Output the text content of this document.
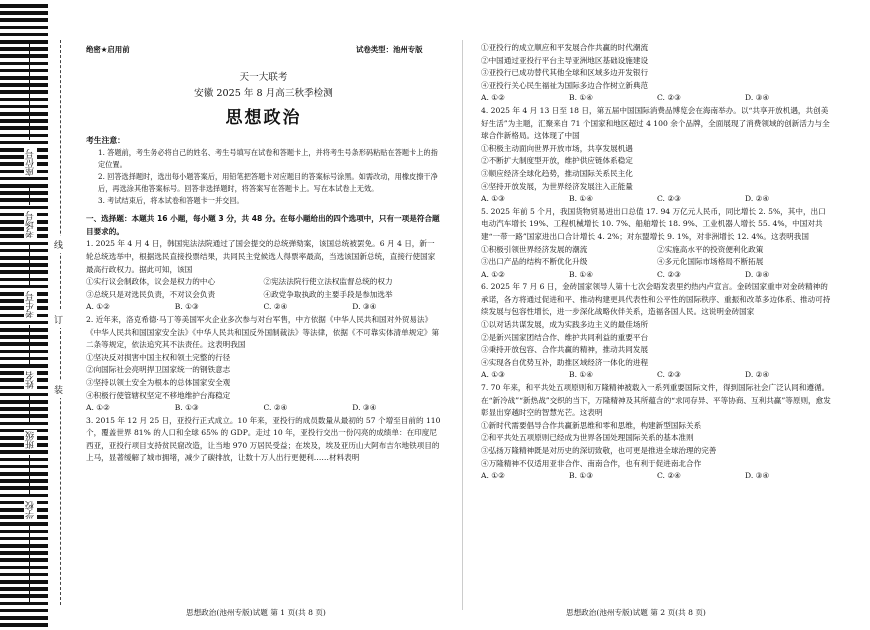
座位号
考场号
考生号
姓名
班级
学校
线
订
装
绝密★启用前	试卷类型：池州专版
天一大联考
安徽 2025 年 8 月高三秋季检测
思想政治
考生注意：
1. 答题前，考生务必将自己的姓名、考生号填写在试卷和答题卡上，并将考生号条形码粘贴在答题卡上的指定位置。
2. 回答选择题时，选出每小题答案后，用铅笔把答题卡对应题目的答案标号涂黑。如需改动，用橡皮擦干净后，再选涂其他答案标号。回答非选择题时，将答案写在答题卡上。写在本试卷上无效。
3. 考试结束后，将本试卷和答题卡一并交回。
一、选择题：本题共 16 小题，每小题 3 分，共 48 分。在每小题给出的四个选项中，只有一项是符合题目要求的。
1. 2025 年 4 月 4 日，韩国宪法法院通过了国会提交的总统弹劾案，该国总统被罢免。6 月 4 日，新一轮总统选举中，根据选民直接投票结果，共同民主党候选人得票率最高，当选该国新总统，直接行使国家最高行政权力。据此可知，该国
①实行议会制政体，议会是权力的中心	②宪法法院行使立法权监督总统的权力
③总统只是对选民负责，不对议会负责	④政党争取执政的主要手段是参加选举
A. ①②	B. ①③	C. ②④	D. ③④
2. 近年来，洛克希德·马丁等美国军火企业多次参与对台军售，中方依据《中华人民共和国对外贸易法》《中华人民共和国国家安全法》《中华人民共和国反外国制裁法》等法律，依据《不可靠实体清单规定》第二条等规定，依法追究其不法责任。这表明我国
①坚决反对损害中国主权和领土完整的行径
②向国际社会亮明捍卫国家统一的钢铁意志
③坚持以领土安全为根本的总体国家安全观
④积极行使管辖权坚定不移地维护台海稳定
A. ①②	B. ①③	C. ②④	D. ③④
3. 2015 年 12 月 25 日，亚投行正式成立。10 年来，亚投行的成员数量从最初的 57 个增至目前的 110 个，覆盖世界 81% 的人口和全球 65% 的 GDP。走过 10 年，亚投行交出一份闪亮的成绩单：在印度尼西亚，亚投行项目支持贫民窟改造，让当地 970 万居民受益；在埃及，埃及亚历山大阿布吉尔地铁项目的上马，显著缓解了城市拥堵，减少了碳排放，让数十万人出行更便利……材料表明
①亚投行的成立顺应和平发展合作共赢的时代潮流
②中国通过亚投行平台主导亚洲地区基础设施建设
③亚投行已成功替代其他全球和区域多边开发银行
④亚投行关心民生福祉为国际多边合作树立新典范
A. ①②	B. ①④	C. ②③	D. ③④
4. 2025 年 4 月 13 日至 18 日，第五届中国国际消费品博览会在海南举办。以“共享开放机遇，共创美好生活”为主题，汇聚来自 71 个国家和地区超过 4 100 余个品牌，全面展现了消费领域的创新活力与全球合作新格局。这体现了中国
①积极主动面向世界开放市场，共享发展机遇
②不断扩大制度型开放，维护供应链体系稳定
③顺应经济全球化趋势，推动国际关系民主化
④坚持开放发展，为世界经济发展注入正能量
A. ①③	B. ①④	C. ②③	D. ②④
5. 2025 年前 5 个月，我国货物贸易进出口总值 17. 94 万亿元人民币，同比增长 2. 5%，其中，出口电动汽车增长 19%、工程机械增长 10. 7%、船舶增长 18. 9%、工业机器人增长 55. 4%，中国对共建“一带一路”国家进出口合计增长 4. 2%；对东盟增长 9. 1%，对非洲增长 12. 4%。这表明我国
①积极引领世界经济发展的潮流	②实施高水平的投资便利化政策
③出口产品的结构不断优化升级	④多元化国际市场格局不断拓展
A. ①②	B. ①④	C. ②③	D. ③④
6. 2025 年 7 月 6 日，金砖国家领导人第十七次会晤发表里约热内卢宣言。金砖国家重申对金砖精神的承诺，各方将通过促进和平、推动构建更具代表性和公平性的国际秩序、重振和改革多边体系、推动可持续发展与包容性增长，进一步深化战略伙伴关系，造福各国人民。这说明金砖国家
①以对话共谋发展，成为实践多边主义的最佳场所
②是新兴国家团结合作、维护共同利益的重要平台
③秉持开放包容、合作共赢的精神，推动共同发展
④实现各自优势互补，助推区域经济一体化的进程
A. ①③	B. ①④	C. ②③	D. ②④
7. 70 年来，和平共处五项原则和万隆精神被载入一系列重要国际文件，得到国际社会广泛认同和遵循。在“新冷战”“新热战”交织的当下，万隆精神及其所蕴含的“求同存异、平等协商、互利共赢”等原则，愈发彰显出穿越时空的智慧光芒。这表明
①新时代需要倡导合作共赢新思维和零和思维，构建新型国际关系
②和平共处五项原则已经成为世界各国处理国际关系的基本准则
③弘扬万隆精神既是对历史的深切致敬，也可更是推进全球治理的完善
④万隆精神不仅适用亚非合作、南南合作，也有利于促进南北合作
A. ①②	B. ①③	C. ②④	D. ③④
思想政治(池州专版)试题 第 1 页(共 8 页)	思想政治(池州专版)试题 第 2 页(共 8 页)
